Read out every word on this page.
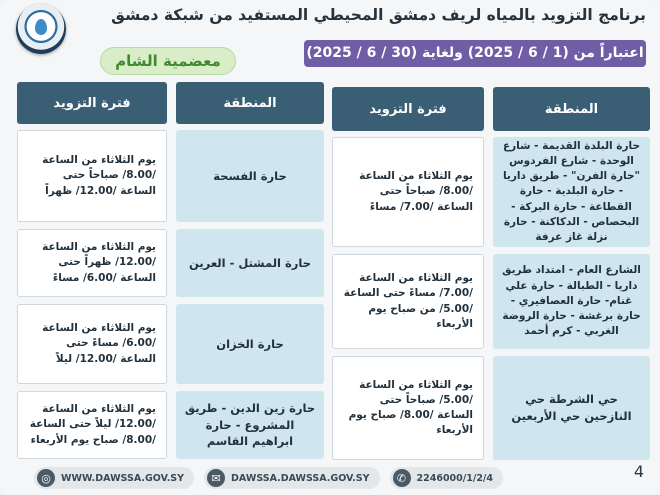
برنامج التزويد بالمياه لريف دمشق المحيطي المستفيد من شبكة دمشق
اعتباراً من (1 / 6 / 2025) ولغاية (30 / 6 / 2025)
معضمية الشام
المنطقة
فترة التزويد
حارة البلدة القديمة - شارع الوحدة - شارع الفردوس "حارة الفرن" - طريق داريا - حارة البلدية - حارة القطاعة - حارة البركة - البحصاص - الدكاكنة - حارة نزلة غاز عرفة
يوم الثلاثاء من الساعة /8.00/ صباحاً حتى الساعة /7.00/ مساءً
الشارع العام - امتداد طريق داريا - الطبالة - حارة علي غنام- حارة العصافيري - حارة برغشة - حارة الروضة الغربي - كرم أحمد
يوم الثلاثاء من الساعة /7.00/ مساءً حتى الساعة /5.00/ من صباح يوم الأربعاء
حي الشرطة حي النازحين حي الأربعين
يوم الثلاثاء من الساعة /5.00/ صباحاً حتى الساعة /8.00/ صباح يوم الأربعاء
المنطقة
فترة التزويد
حارة الفسحة
يوم الثلاثاء من الساعة /8.00/ صباحاً حتى الساعة /12.00/ ظهراً
حارة المشتل - العرين
يوم الثلاثاء من الساعة /12.00/ ظهراً حتى الساعة /6.00/ مساءً
حارة الخزان
يوم الثلاثاء من الساعة /6.00/ مساءً حتى الساعة /12.00/ ليلاً
حارة زين الدين - طريق المشروع - حارة ابراهيم القاسم
يوم الثلاثاء من الساعة /12.00/ ليلاً حتى الساعة /8.00/ صباح يوم الأربعاء
◎	WWW.DAWSSA.GOV.SY	✉	DAWSSA.DAWSSA.GOV.SY	✆	2246000/1/2/4	4
